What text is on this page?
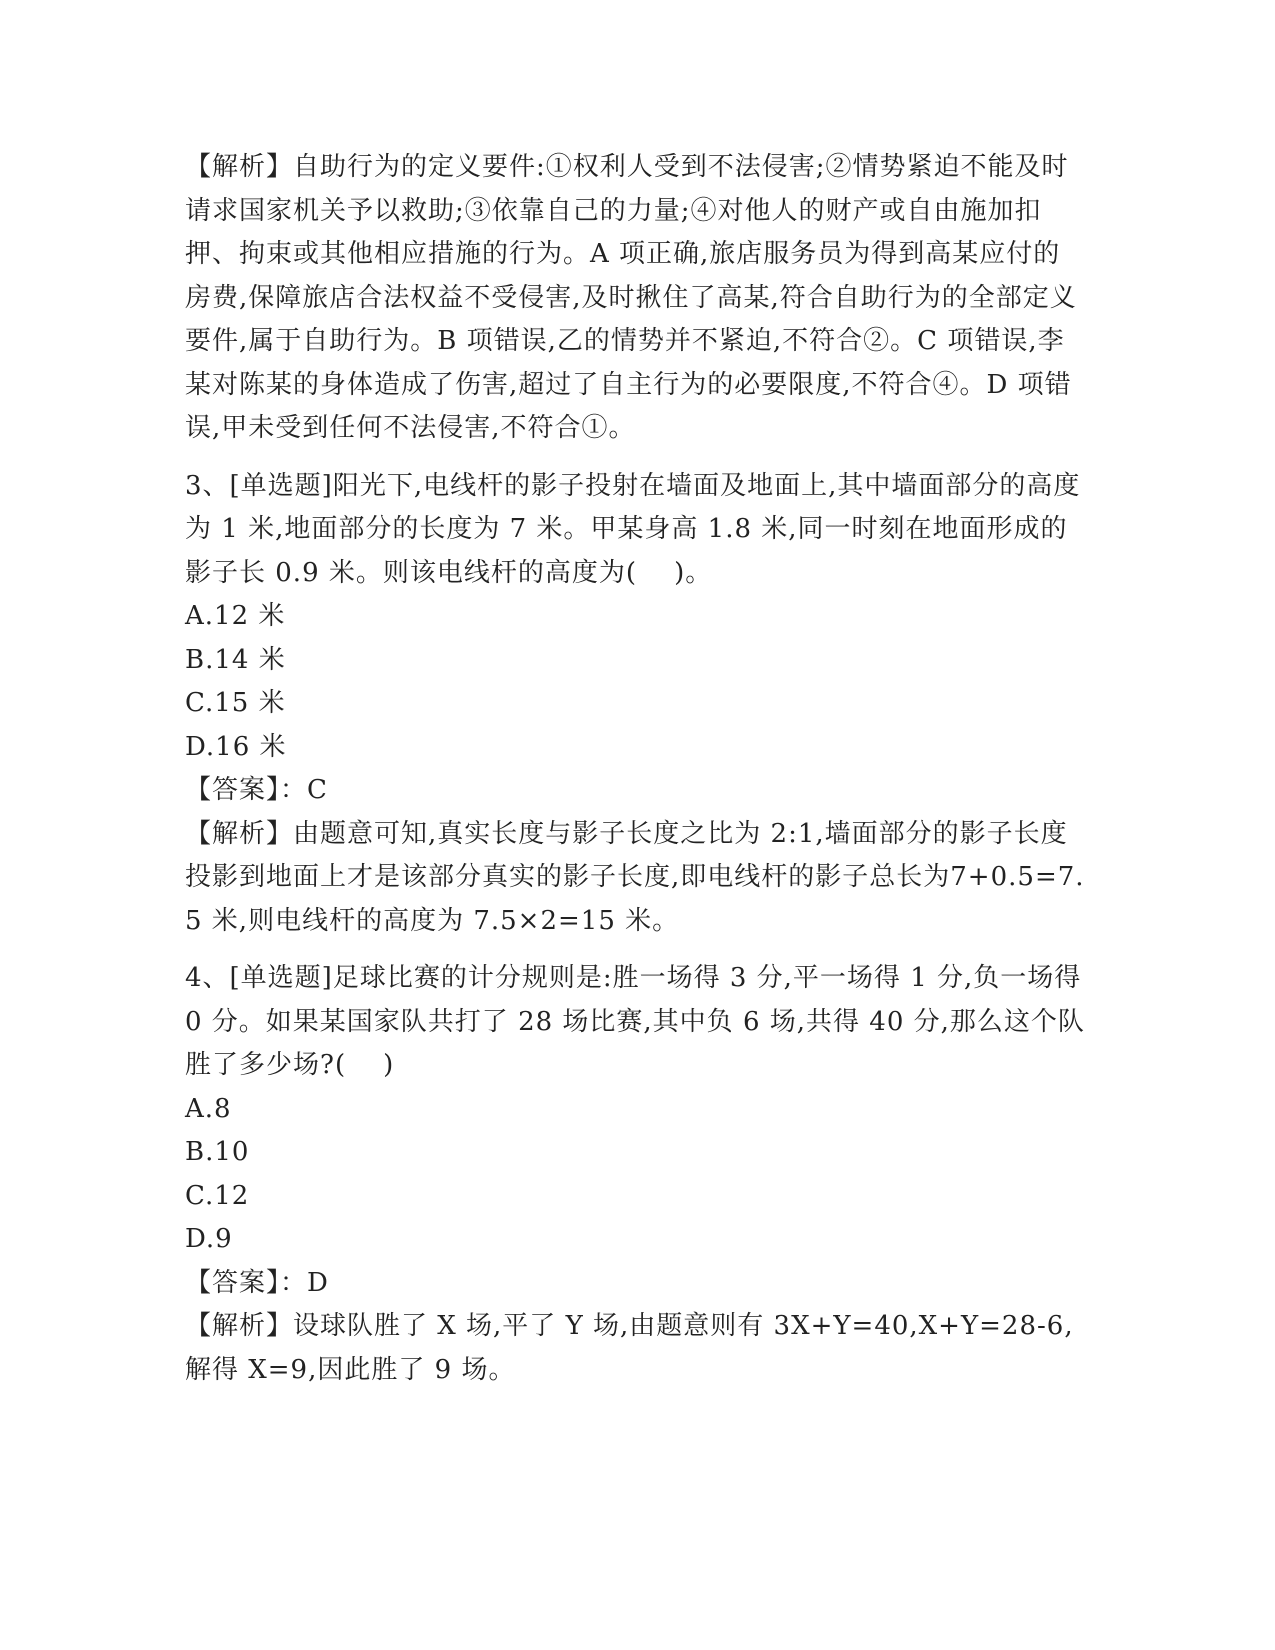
【解析】自助行为的定义要件:①权利人受到不法侵害;②情势紧迫不能及时请求国家机关予以救助;③依靠自己的力量;④对他人的财产或自由施加扣押、拘束或其他相应措施的行为。A 项正确,旅店服务员为得到高某应付的房费,保障旅店合法权益不受侵害,及时揪住了高某,符合自助行为的全部定义要件,属于自助行为。B 项错误,乙的情势并不紧迫,不符合②。C 项错误,李某对陈某的身体造成了伤害,超过了自主行为的必要限度,不符合④。D 项错误,甲未受到任何不法侵害,不符合①。

3、[单选题]阳光下,电线杆的影子投射在墙面及地面上,其中墙面部分的高度为 1 米,地面部分的长度为 7 米。甲某身高 1.8 米,同一时刻在地面形成的影子长 0.9 米。则该电线杆的高度为(    )。

A.12 米

B.14 米

C.15 米

D.16 米

【答案】：C

【解析】由题意可知,真实长度与影子长度之比为 2:1,墙面部分的影子长度投影到地面上才是该部分真实的影子长度,即电线杆的影子总长为7+0.5=7.5 米,则电线杆的高度为 7.5×2=15 米。

4、[单选题]足球比赛的计分规则是:胜一场得 3 分,平一场得 1 分,负一场得 0 分。如果某国家队共打了 28 场比赛,其中负 6 场,共得 40 分,那么这个队胜了多少场?(    )

A.8

B.10

C.12

D.9

【答案】：D

【解析】设球队胜了 X 场,平了 Y 场,由题意则有 3X+Y=40,X+Y=28-6,解得 X=9,因此胜了 9 场。
